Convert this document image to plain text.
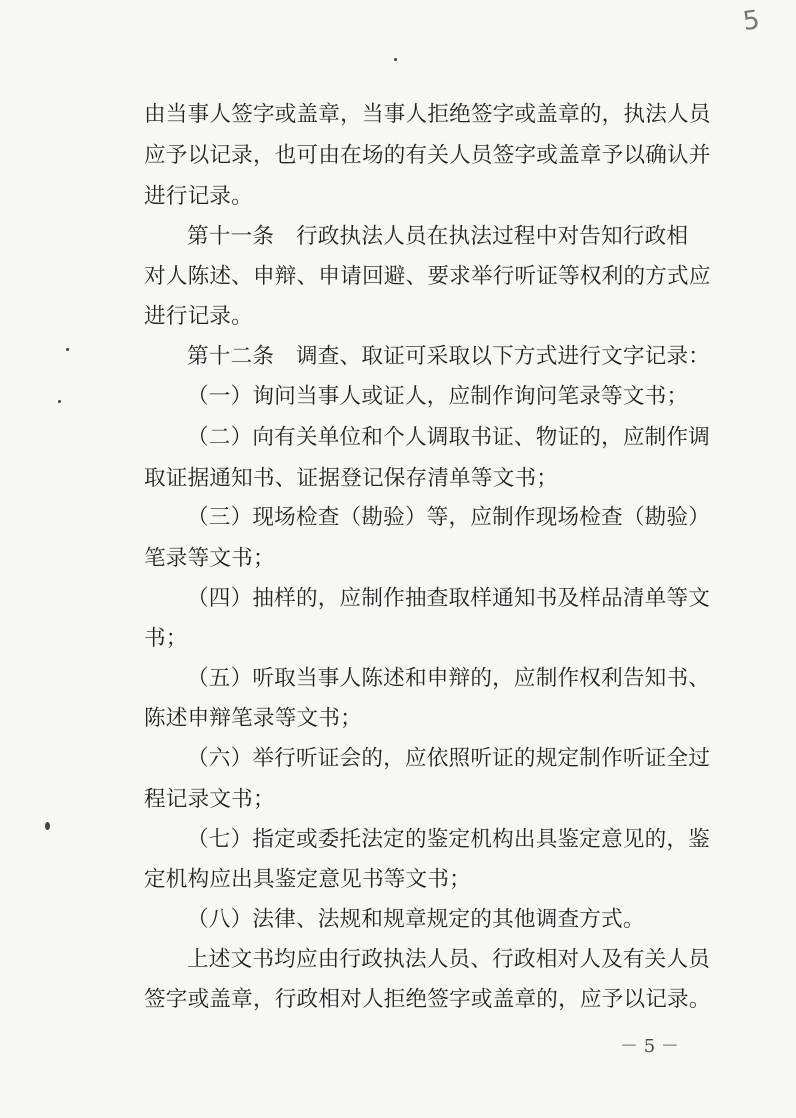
5
由当事人签字或盖章，当事人拒绝签字或盖章的，执法人员
应予以记录，也可由在场的有关人员签字或盖章予以确认并
进行记录。
第十一条　行政执法人员在执法过程中对告知行政相
对人陈述、申辩、申请回避、要求举行听证等权利的方式应
进行记录。
第十二条　调查、取证可采取以下方式进行文字记录：
（一）询问当事人或证人，应制作询问笔录等文书；
（二）向有关单位和个人调取书证、物证的，应制作调
取证据通知书、证据登记保存清单等文书；
（三）现场检查（勘验）等，应制作现场检查（勘验）
笔录等文书；
（四）抽样的，应制作抽查取样通知书及样品清单等文
书；
（五）听取当事人陈述和申辩的，应制作权利告知书、
陈述申辩笔录等文书；
（六）举行听证会的，应依照听证的规定制作听证全过
程记录文书；
（七）指定或委托法定的鉴定机构出具鉴定意见的，鉴
定机构应出具鉴定意见书等文书；
（八）法律、法规和规章规定的其他调查方式。
上述文书均应由行政执法人员、行政相对人及有关人员
签字或盖章，行政相对人拒绝签字或盖章的，应予以记录。
－ 5 －
